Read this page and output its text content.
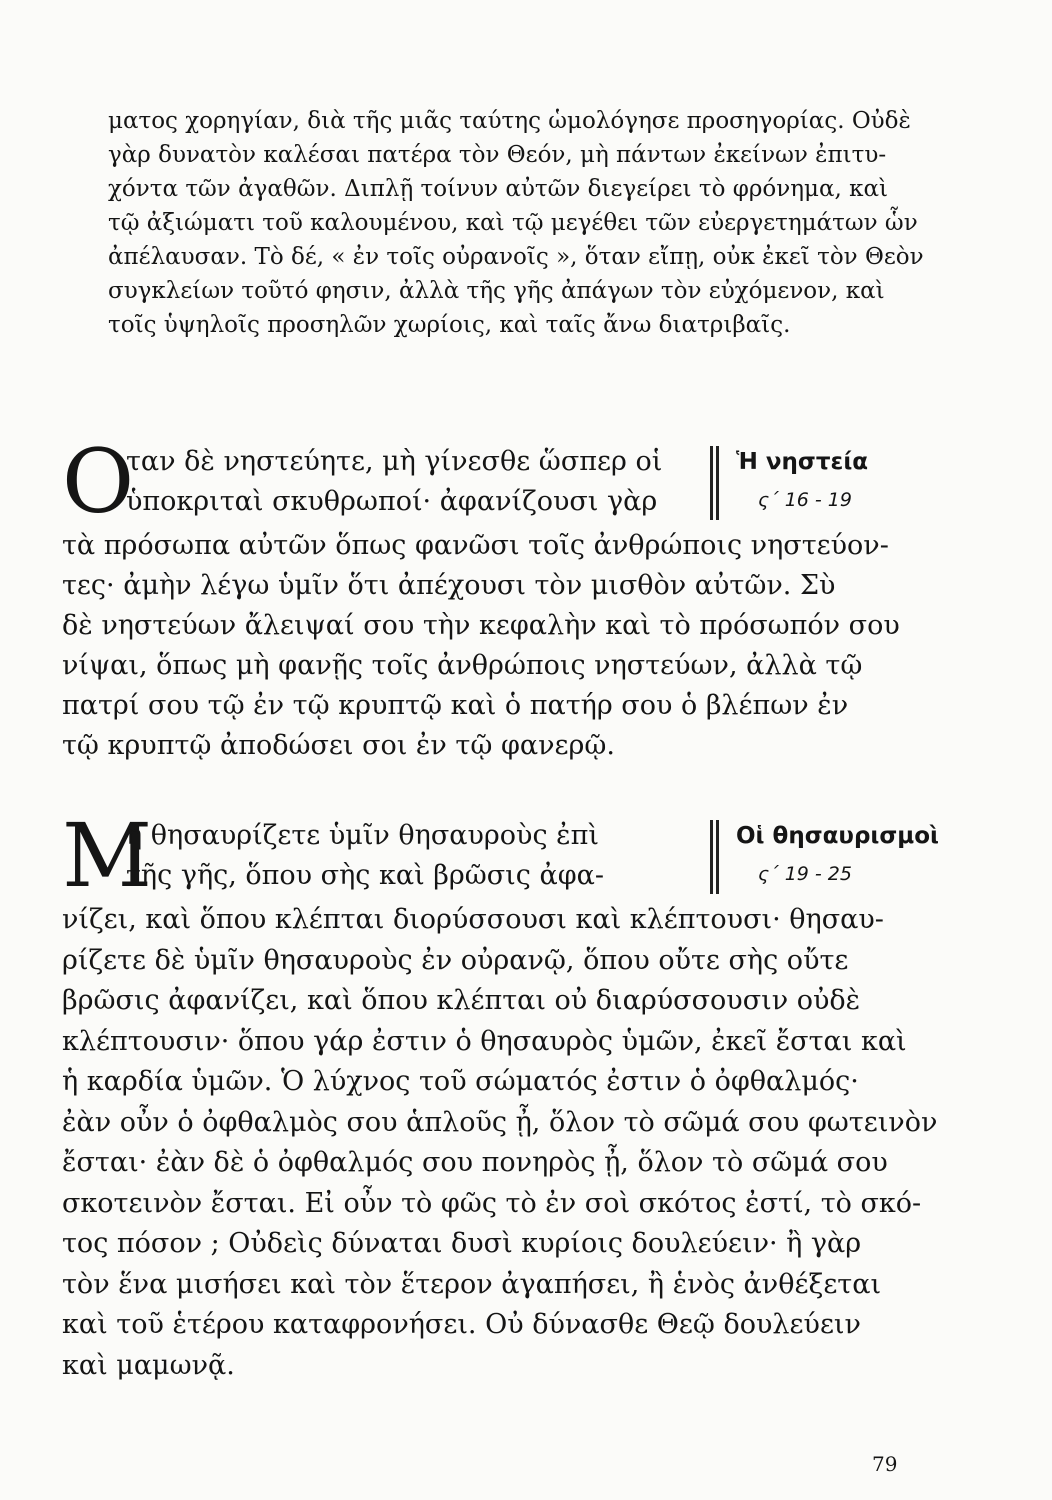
ματος χορηγίαν, διὰ τῆς μιᾶς ταύτης ὡμολόγησε προσηγορίας. Οὐδὲ
γὰρ δυνατὸν καλέσαι πατέρα τὸν Θεόν, μὴ πάντων ἐκείνων ἐπιτυ-
χόντα τῶν ἀγαθῶν. Διπλῇ τοίνυν αὐτῶν διεγείρει τὸ φρόνημα, καὶ
τῷ ἀξιώματι τοῦ καλουμένου, καὶ τῷ μεγέθει τῶν εὐεργετημάτων ὧν
ἀπέλαυσαν. Τὸ δέ, « ἐν τοῖς οὐρανοῖς », ὅταν εἴπῃ, οὐκ ἐκεῖ τὸν Θεὸν
συγκλείων τοῦτό φησιν, ἀλλὰ τῆς γῆς ἀπάγων τὸν εὐχόμενον, καὶ
τοῖς ὑψηλοῖς προσηλῶν χωρίοις, καὶ ταῖς ἄνω διατριβαῖς.
Ο
ταν δὲ νηστεύητε, μὴ γίνεσθε ὥσπερ οἱ
ὑποκριταὶ σκυθρωποί· ἀφανίζουσι γὰρ
Ἡ νηστεία
ς΄ 16 - 19
τὰ πρόσωπα αὐτῶν ὅπως φανῶσι τοῖς ἀνθρώποις νηστεύον-
τες· ἀμὴν λέγω ὑμῖν ὅτι ἀπέχουσι τὸν μισθὸν αὐτῶν. Σὺ
δὲ νηστεύων ἄλειψαί σου τὴν κεφαλὴν καὶ τὸ πρόσωπόν σου
νίψαι, ὅπως μὴ φανῇς τοῖς ἀνθρώποις νηστεύων, ἀλλὰ τῷ
πατρί σου τῷ ἐν τῷ κρυπτῷ καὶ ὁ πατήρ σου ὁ βλέπων ἐν
τῷ κρυπτῷ ἀποδώσει σοι ἐν τῷ φανερῷ.
Μ
ὴ θησαυρίζετε ὑμῖν θησαυροὺς ἐπὶ
τῆς γῆς, ὅπου σὴς καὶ βρῶσις ἀφα-
Οἱ θησαυρισμοὶ
ς΄ 19 - 25
νίζει, καὶ ὅπου κλέπται διορύσσουσι καὶ κλέπτουσι· θησαυ-
ρίζετε δὲ ὑμῖν θησαυροὺς ἐν οὐρανῷ, ὅπου οὔτε σὴς οὔτε
βρῶσις ἀφανίζει, καὶ ὅπου κλέπται οὐ διαρύσσουσιν οὐδὲ
κλέπτουσιν· ὅπου γάρ ἐστιν ὁ θησαυρὸς ὑμῶν, ἐκεῖ ἔσται καὶ
ἡ καρδία ὑμῶν. Ὁ λύχνος τοῦ σώματός ἐστιν ὁ ὀφθαλμός·
ἐὰν οὖν ὁ ὀφθαλμὸς σου ἁπλοῦς ᾖ, ὅλον τὸ σῶμά σου φωτεινὸν
ἔσται· ἐὰν δὲ ὁ ὀφθαλμός σου πονηρὸς ᾖ, ὅλον τὸ σῶμά σου
σκοτεινὸν ἔσται. Εἰ οὖν τὸ φῶς τὸ ἐν σοὶ σκότος ἐστί, τὸ σκό-
τος πόσον ; Οὐδεὶς δύναται δυσὶ κυρίοις δουλεύειν· ἢ γὰρ
τὸν ἕνα μισήσει καὶ τὸν ἕτερον ἀγαπήσει, ἢ ἑνὸς ἀνθέξεται
καὶ τοῦ ἑτέρου καταφρονήσει. Οὐ δύνασθε Θεῷ δουλεύειν
καὶ μαμωνᾷ.
79
